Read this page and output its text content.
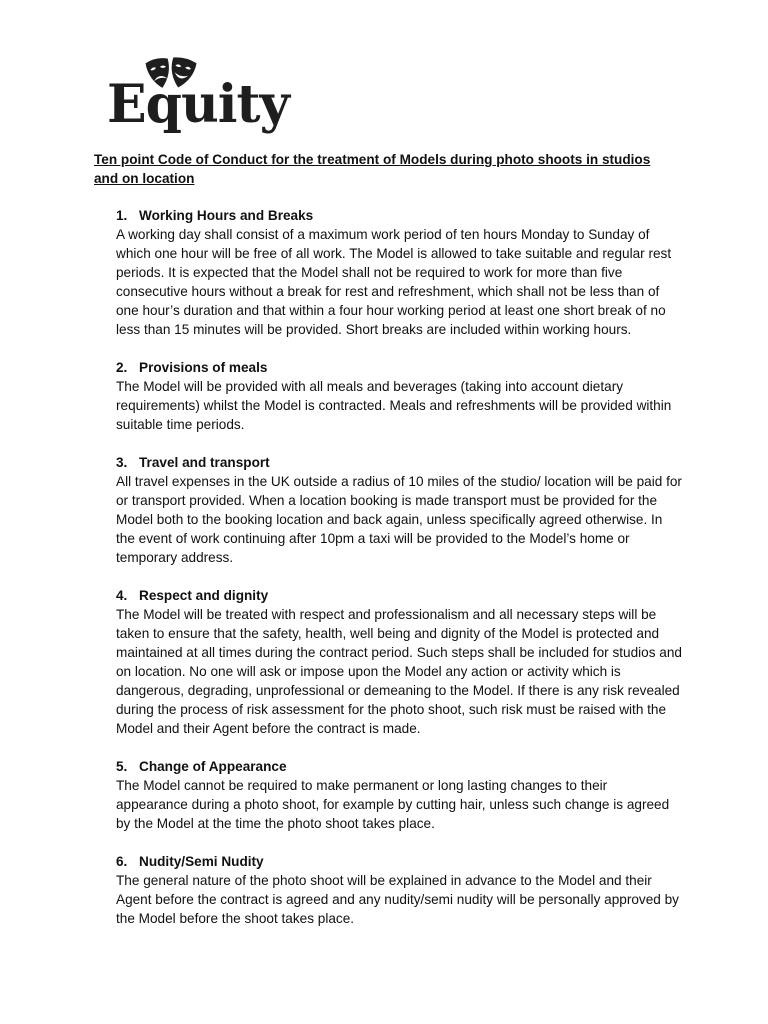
Equity
Ten point Code of Conduct for the treatment of Models during photo shoots in studios and on location

1. Working Hours and Breaks

A working day shall consist of a maximum work period of ten hours Monday to Sunday of which one hour will be free of all work. The Model is allowed to take suitable and regular rest periods. It is expected that the Model shall not be required to work for more than five consecutive hours without a break for rest and refreshment, which shall not be less than of one hour’s duration and that within a four hour working period at least one short break of no less than 15 minutes will be provided. Short breaks are included within working hours.

2. Provisions of meals

The Model will be provided with all meals and beverages (taking into account dietary requirements) whilst the Model is contracted. Meals and refreshments will be provided within suitable time periods.

3. Travel and transport

All travel expenses in the UK outside a radius of 10 miles of the studio/ location will be paid for or transport provided. When a location booking is made transport must be provided for the Model both to the booking location and back again, unless specifically agreed otherwise. In the event of work continuing after 10pm a taxi will be provided to the Model’s home or temporary address.

4. Respect and dignity

The Model will be treated with respect and professionalism and all necessary steps will be taken to ensure that the safety, health, well being and dignity of the Model is protected and maintained at all times during the contract period. Such steps shall be included for studios and on location. No one will ask or impose upon the Model any action or activity which is dangerous, degrading, unprofessional or demeaning to the Model. If there is any risk revealed during the process of risk assessment for the photo shoot, such risk must be raised with the Model and their Agent before the contract is made.

5. Change of Appearance

The Model cannot be required to make permanent or long lasting changes to their appearance during a photo shoot, for example by cutting hair, unless such change is agreed by the Model at the time the photo shoot takes place.

6. Nudity/Semi Nudity

The general nature of the photo shoot will be explained in advance to the Model and their Agent before the contract is agreed and any nudity/semi nudity will be personally approved by the Model before the shoot takes place.
